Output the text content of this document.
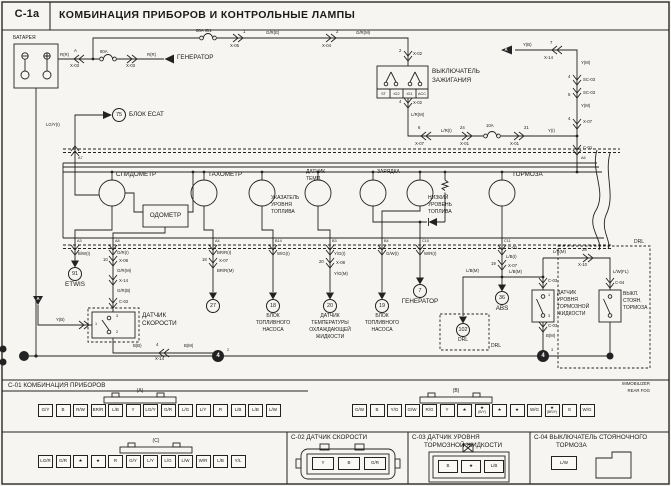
C-1a	КОМБИНАЦИЯ ПРИБОРОВ И КОНТРОЛЬНЫЕ ЛАМПЫ
БАТАРЕЯ
R(R)
A
X-03
80A
X-03
R(R)	ГЕНЕРАТОР
80A IG1	1
X-05
G/R(E)	2
X-04
G/R(M)
2
X-02
ВЫКЛЮЧАТЕЛЬ
ЗАЖИГАНИЯ
ST IG2 IG1 ACC
4	X-02
L/R(M)
6
X-07
L/R(I)
24
X-01
10A	21
X-01
Y(I)
Y(B)	7
X-14
A
Y(M)
4
SC-03
5	SC-03
Y(M)
4
X-07
C-01
A6
LG/Y(I)
75	БЛОК ECAT
A7
СПИДОМЕТР
ОДОМЕТР
ТАХОМЕТР
УКАЗАТЕЛЬ
УРОВНЯ
ТОПЛИВА
ДАТЧИК
ТЕМП.
ЗАРЯДКА
НИЗКИЙ
УРОВЕНЬ
ТОПЛИВА
ТОРМОЗА
A3	A8	A4	B14	B3	B4	C10	C11
B/W(I)
91
ETWIS
G/R(I)
10	X-08
G/R(M)
X-14
G/R(B)
C-02
ДАТЧИК
СКОРОСТИ
3
1
2
A
Y(B)
B(B)	4
X-14
B(M)
4
2
BR/R(I)
18	X-07
BR/R(M)
27
W/G(I)
18
БЛОК
ТОПЛИВНОГО
НАСОСА
Y/G(I)
20	X-08
Y/G(M)
20
ДАТЧИК
ТЕМПЕРАТУРЫ
ОХЛАЖДАЮЩЕЙ
ЖИДКОСТИ
G/W(I)
19
БЛОК
ТОПЛИВНОГО
НАСОСА
W/R(I)
7
ГЕНЕРАТОР
C-01
L/B(I)
19	X-07
L/B(M)	L/B(M)
L/B(M)	28
X-10
L/W(FL)
C-04
36
ABS
102
DRL
DRL
C-03
1
3
C-03
B(M)
4
3
ДАТЧИК
УРОВНЯ
ТОРМОЗНОЙ
ЖИДКОСТИ
ВЫКЛ.
СТОЯН.
ТОРМОЗА
DRL
IMMOBILIZER
REAR FOG
C-01 КОМБИНАЦИЯ ПРИБОРОВ
(A)	(B)
(C)	C-02 ДАТЧИК СКОРОСТИ	C-03 ДАТЧИК УРОВНЯ
ТОРМОЗНОЙ ЖИДКОСТИ
C-04 ВЫКЛЮЧАТЕЛЬ СТОЯНОЧНОГО
ТОРМОЗА
G/Y	B	R/W BR/R L/B	Y LG/Y G/R L/G L/Y	R	L/B L/B L/W	G/W	B	Y/G G/W R/G	Y	★	★
(B/Y)
★	★ W/G ★
(BR/Y)
G	W/G
LG/R G/R	★	★	R	G/Y L/Y L/G L/W W/R L/B Y/L	Y	B	G/R
B	★	L/B
L/W
